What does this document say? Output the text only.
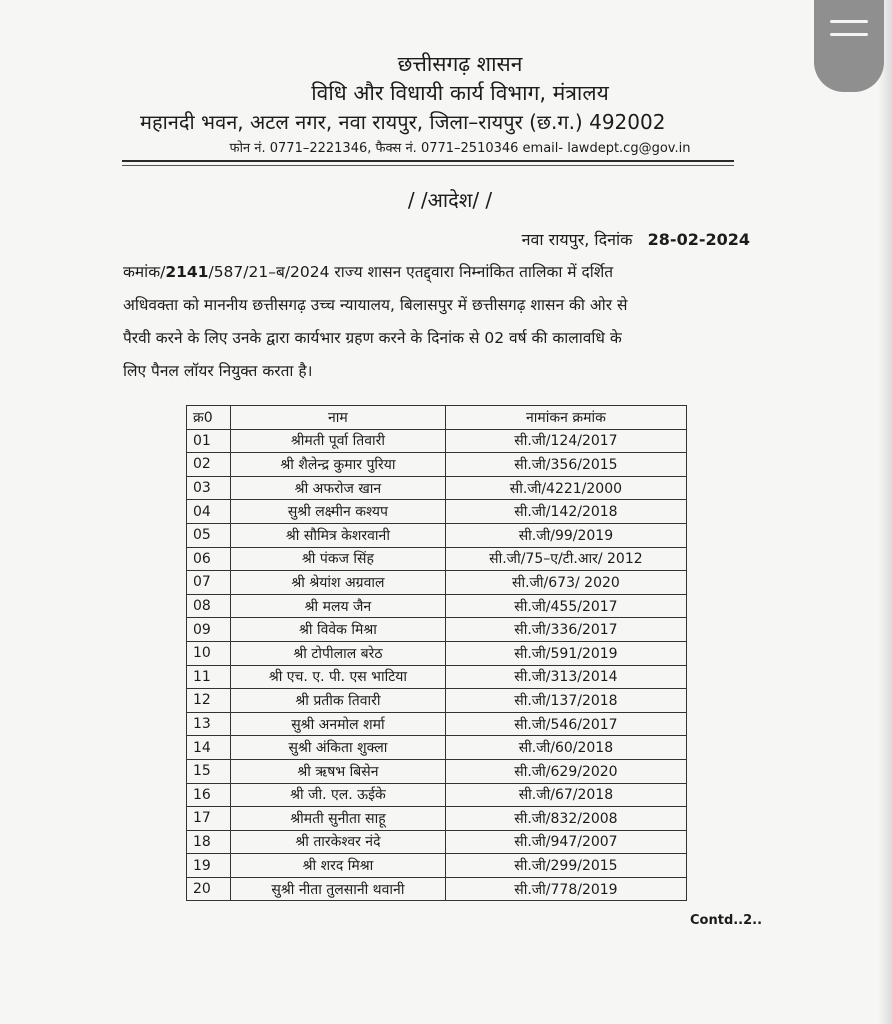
छत्तीसगढ़ शासन
विधि और विधायी कार्य विभाग, मंत्रालय
महानदी भवन, अटल नगर, नवा रायपुर, जिला–रायपुर (छ.ग.) 492002
फोन नं. 0771–2221346, फैक्स नं. 0771–2510346 email- lawdept.cg@gov.in
/ /आदेश/ /
नवा रायपुर, दिनांक 28-02-2024
कमांक/2141/587/21–ब/2024 राज्य शासन एतद्द्वारा निम्नांकित तालिका में दर्शित
अधिवक्ता को माननीय छत्तीसगढ़ उच्च न्यायालय, बिलासपुर में छत्तीसगढ़ शासन की ओर से
पैरवी करने के लिए उनके द्वारा कार्यभार ग्रहण करने के दिनांक से 02 वर्ष की कालावधि के
लिए पैनल लॉयर नियुक्त करता है।
क्र0	नाम	नामांकन क्रमांक
01	श्रीमती पूर्वा तिवारी	सी.जी/124/2017
02	श्री शैलेन्द्र कुमार पुरिया	सी.जी/356/2015
03	श्री अफरोज खान	सी.जी/4221/2000
04	सुश्री लक्ष्मीन कश्यप	सी.जी/142/2018
05	श्री सौमित्र केशरवानी	सी.जी/99/2019
06	श्री पंकज सिंह	सी.जी/75–ए/टी.आर/ 2012
07	श्री श्रेयांश अग्रवाल	सी.जी/673/ 2020
08	श्री मलय जैन	सी.जी/455/2017
09	श्री विवेक मिश्रा	सी.जी/336/2017
10	श्री टोपीलाल बरेठ	सी.जी/591/2019
11	श्री एच. ए. पी. एस भाटिया	सी.जी/313/2014
12	श्री प्रतीक तिवारी	सी.जी/137/2018
13	सुश्री अनमोल शर्मा	सी.जी/546/2017
14	सुश्री अंकिता शुक्ला	सी.जी/60/2018
15	श्री ऋषभ बिसेन	सी.जी/629/2020
16	श्री जी. एल. ऊईके	सी.जी/67/2018
17	श्रीमती सुनीता साहू	सी.जी/832/2008
18	श्री तारकेश्वर नंदे	सी.जी/947/2007
19	श्री शरद मिश्रा	सी.जी/299/2015
20	सुश्री नीता तुलसानी थवानी	सी.जी/778/2019
Contd..2..
